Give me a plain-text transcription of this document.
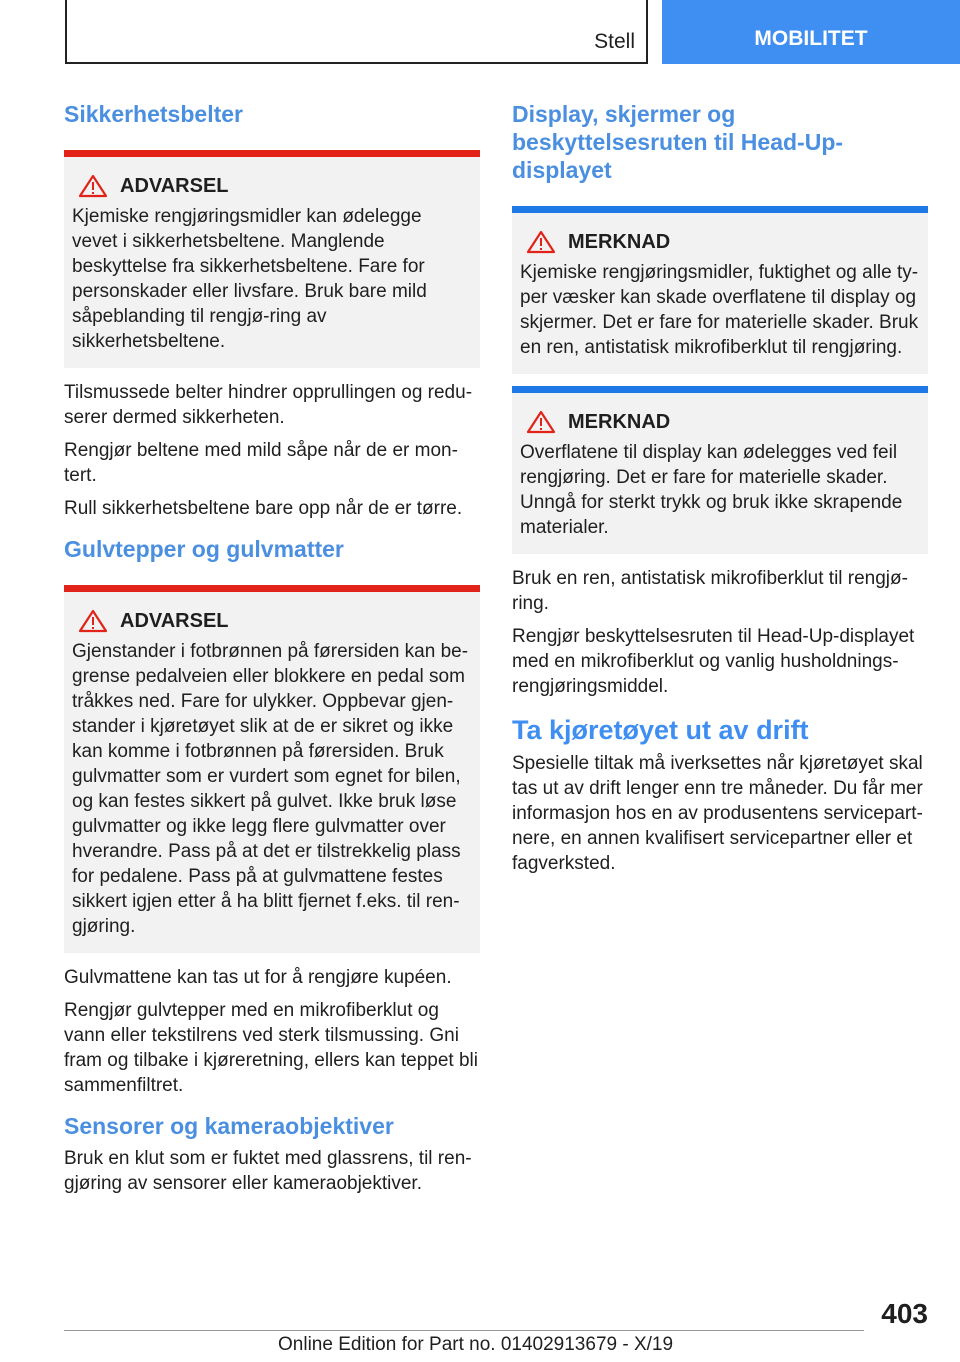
Stell	MOBILITET
Sikkerhetsbelter
ADVARSEL

Kjemiske rengjøringsmidler kan ødelegge vevet i sikkerhetsbeltene. Manglende beskyttelse fra sikkerhetsbeltene. Fare for personskader eller livsfare. Bruk bare mild såpeblanding til rengjø‐ring av sikkerhetsbeltene.

Tilsmussede belter hindrer opprullingen og redu‐serer dermed sikkerheten.

Rengjør beltene med mild såpe når de er mon‐tert.

Rull sikkerhetsbeltene bare opp når de er tørre.

Gulvtepper og gulvmatter
ADVARSEL

Gjenstander i fotbrønnen på førersiden kan be‐grense pedalveien eller blokkere en pedal som tråkkes ned. Fare for ulykker. Oppbevar gjen‐stander i kjøretøyet slik at de er sikret og ikke kan komme i fotbrønnen på førersiden. Bruk gulvmatter som er vurdert som egnet for bilen, og kan festes sikkert på gulvet. Ikke bruk løse gulvmatter og ikke legg flere gulvmatter over hverandre. Pass på at det er tilstrekkelig plass for pedalene. Pass på at gulvmattene festes sikkert igjen etter å ha blitt fjernet f.eks. til ren‐gjøring.

Gulvmattene kan tas ut for å rengjøre kupéen.

Rengjør gulvtepper med en mikrofiberklut og vann eller tekstilrens ved sterk tilsmussing. Gni fram og tilbake i kjøreretning, ellers kan teppet bli sammenfiltret.

Sensorer og kameraobjektiver

Bruk en klut som er fuktet med glassrens, til ren‐gjøring av sensorer eller kameraobjektiver.

Display, skjermer og beskyttelsesruten til Head-Up-displayet
MERKNAD

Kjemiske rengjøringsmidler, fuktighet og alle ty‐per væsker kan skade overflatene til display og skjermer. Det er fare for materielle skader. Bruk en ren, antistatisk mikrofiberklut til rengjøring.

MERKNAD

Overflatene til display kan ødelegges ved feil rengjøring. Det er fare for materielle skader. Unngå for sterkt trykk og bruk ikke skrapende materialer.

Bruk en ren, antistatisk mikrofiberklut til rengjø‐ring.

Rengjør beskyttelsesruten til Head-Up-displayet med en mikrofiberklut og vanlig husholdnings‐rengjøringsmiddel.

Ta kjøretøyet ut av drift

Spesielle tiltak må iverksettes når kjøretøyet skal tas ut av drift lenger enn tre måneder. Du får mer informasjon hos en av produsentens servicepart‐nere, en annen kvalifisert servicepartner eller et fagverksted.

403
Online Edition for Part no. 01402913679 - X/19
